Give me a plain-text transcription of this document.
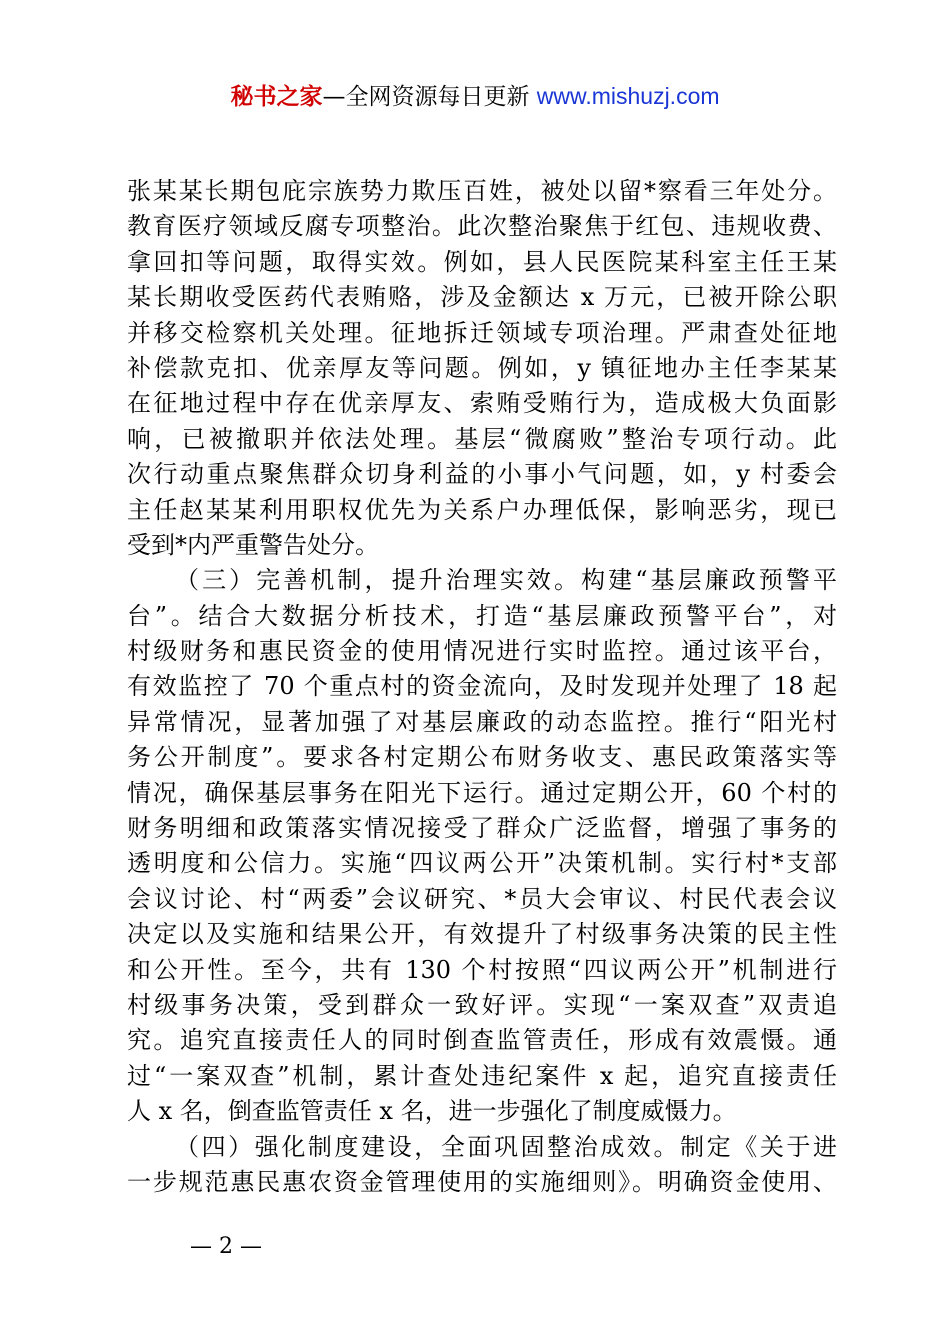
秘书之家—全网资源每日更新 www.mishuzj.com
张某某长期包庇宗族势力欺压百姓，被处以留*察看三年处分。
教育医疗领域反腐专项整治。此次整治聚焦于红包、违规收费、
拿回扣等问题，取得实效。例如，县人民医院某科室主任王某
某长期收受医药代表贿赂，涉及金额达 x 万元，已被开除公职
并移交检察机关处理。征地拆迁领域专项治理。严肃查处征地
补偿款克扣、优亲厚友等问题。例如，y 镇征地办主任李某某
在征地过程中存在优亲厚友、索贿受贿行为，造成极大负面影
响，已被撤职并依法处理。基层“微腐败”整治专项行动。此
次行动重点聚焦群众切身利益的小事小气问题，如，y 村委会
主任赵某某利用职权优先为关系户办理低保，影响恶劣，现已
受到*内严重警告处分。
（三）完善机制，提升治理实效。构建“基层廉政预警平
台”。结合大数据分析技术，打造“基层廉政预警平台”，对
村级财务和惠民资金的使用情况进行实时监控。通过该平台，
有效监控了 70 个重点村的资金流向，及时发现并处理了 18 起
异常情况，显著加强了对基层廉政的动态监控。推行“阳光村
务公开制度”。要求各村定期公布财务收支、惠民政策落实等
情况，确保基层事务在阳光下运行。通过定期公开，60 个村的
财务明细和政策落实情况接受了群众广泛监督，增强了事务的
透明度和公信力。实施“四议两公开”决策机制。实行村*支部
会议讨论、村“两委”会议研究、*员大会审议、村民代表会议
决定以及实施和结果公开，有效提升了村级事务决策的民主性
和公开性。至今，共有 130 个村按照“四议两公开”机制进行
村级事务决策，受到群众一致好评。实现“一案双查”双责追
究。追究直接责任人的同时倒查监管责任，形成有效震慑。通
过“一案双查”机制，累计查处违纪案件 x 起，追究直接责任
人 x 名，倒查监管责任 x 名，进一步强化了制度威慑力。
（四）强化制度建设，全面巩固整治成效。制定《关于进
一步规范惠民惠农资金管理使用的实施细则》。明确资金使用、
— 2 —
